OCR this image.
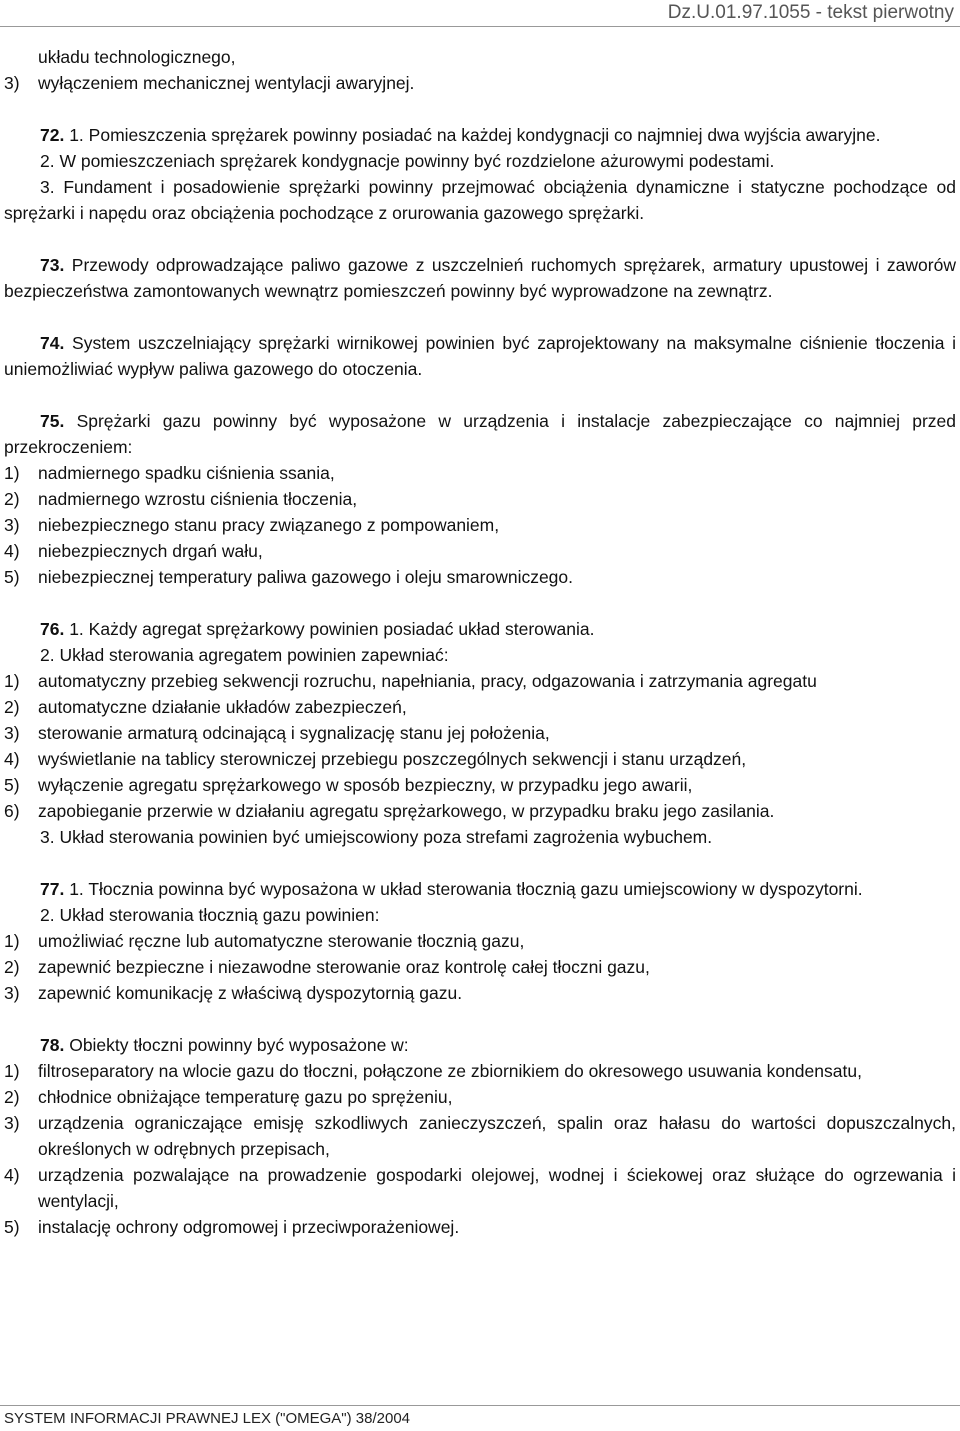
Dz.U.01.97.1055 - tekst pierwotny

układu technologicznego,

3) wyłączeniem mechanicznej wentylacji awaryjnej.

72. 1. Pomieszczenia sprężarek powinny posiadać na każdej kondygnacji co najmniej dwa wyjścia awaryjne.

2. W pomieszczeniach sprężarek kondygnacje powinny być rozdzielone ażurowymi podestami.

3. Fundament i posadowienie sprężarki powinny przejmować obciążenia dynamiczne i statyczne pochodzące od sprężarki i napędu oraz obciążenia pochodzące z orurowania gazowego sprężarki.

73. Przewody odprowadzające paliwo gazowe z uszczelnień ruchomych sprężarek, armatury upustowej i zaworów bezpieczeństwa zamontowanych wewnątrz pomieszczeń powinny być wyprowadzone na zewnątrz.

74. System uszczelniający sprężarki wirnikowej powinien być zaprojektowany na maksymalne ciśnienie tłoczenia i uniemożliwiać wypływ paliwa gazowego do otoczenia.

75. Sprężarki gazu powinny być wyposażone w urządzenia i instalacje zabezpieczające co najmniej przed przekroczeniem:

1) nadmiernego spadku ciśnienia ssania,
2) nadmiernego wzrostu ciśnienia tłoczenia,
3) niebezpiecznego stanu pracy związanego z pompowaniem,
4) niebezpiecznych drgań wału,
5) niebezpiecznej temperatury paliwa gazowego i oleju smarowniczego.

76. 1. Każdy agregat sprężarkowy powinien posiadać układ sterowania.

2. Układ sterowania agregatem powinien zapewniać:

1) automatyczny przebieg sekwencji rozruchu, napełniania, pracy, odgazowania i zatrzymania agregatu
2) automatyczne działanie układów zabezpieczeń,
3) sterowanie armaturą odcinającą i sygnalizację stanu jej położenia,
4) wyświetlanie na tablicy sterowniczej przebiegu poszczególnych sekwencji i stanu urządzeń,
5) wyłączenie agregatu sprężarkowego w sposób bezpieczny, w przypadku jego awarii,
6) zapobieganie przerwie w działaniu agregatu sprężarkowego, w przypadku braku jego zasilania.

3. Układ sterowania powinien być umiejscowiony poza strefami zagrożenia wybuchem.

77. 1. Tłocznia powinna być wyposażona w układ sterowania tłocznią gazu umiejscowiony w dyspozytorni.

2. Układ sterowania tłocznią gazu powinien:

1) umożliwiać ręczne lub automatyczne sterowanie tłocznią gazu,
2) zapewnić bezpieczne i niezawodne sterowanie oraz kontrolę całej tłoczni gazu,
3) zapewnić komunikację z właściwą dyspozytornią gazu.

78. Obiekty tłoczni powinny być wyposażone w:

1) filtroseparatory na wlocie gazu do tłoczni, połączone ze zbiornikiem do okresowego usuwania kondensatu,
2) chłodnice obniżające temperaturę gazu po sprężeniu,
3) urządzenia ograniczające emisję szkodliwych zanieczyszczeń, spalin oraz hałasu do wartości dopuszczalnych, określonych w odrębnych przepisach,
4) urządzenia pozwalające na prowadzenie gospodarki olejowej, wodnej i ściekowej oraz służące do ogrzewania i wentylacji,
5) instalację ochrony odgromowej i przeciwporażeniowej.
SYSTEM INFORMACJI PRAWNEJ LEX ("OMEGA") 38/2004
